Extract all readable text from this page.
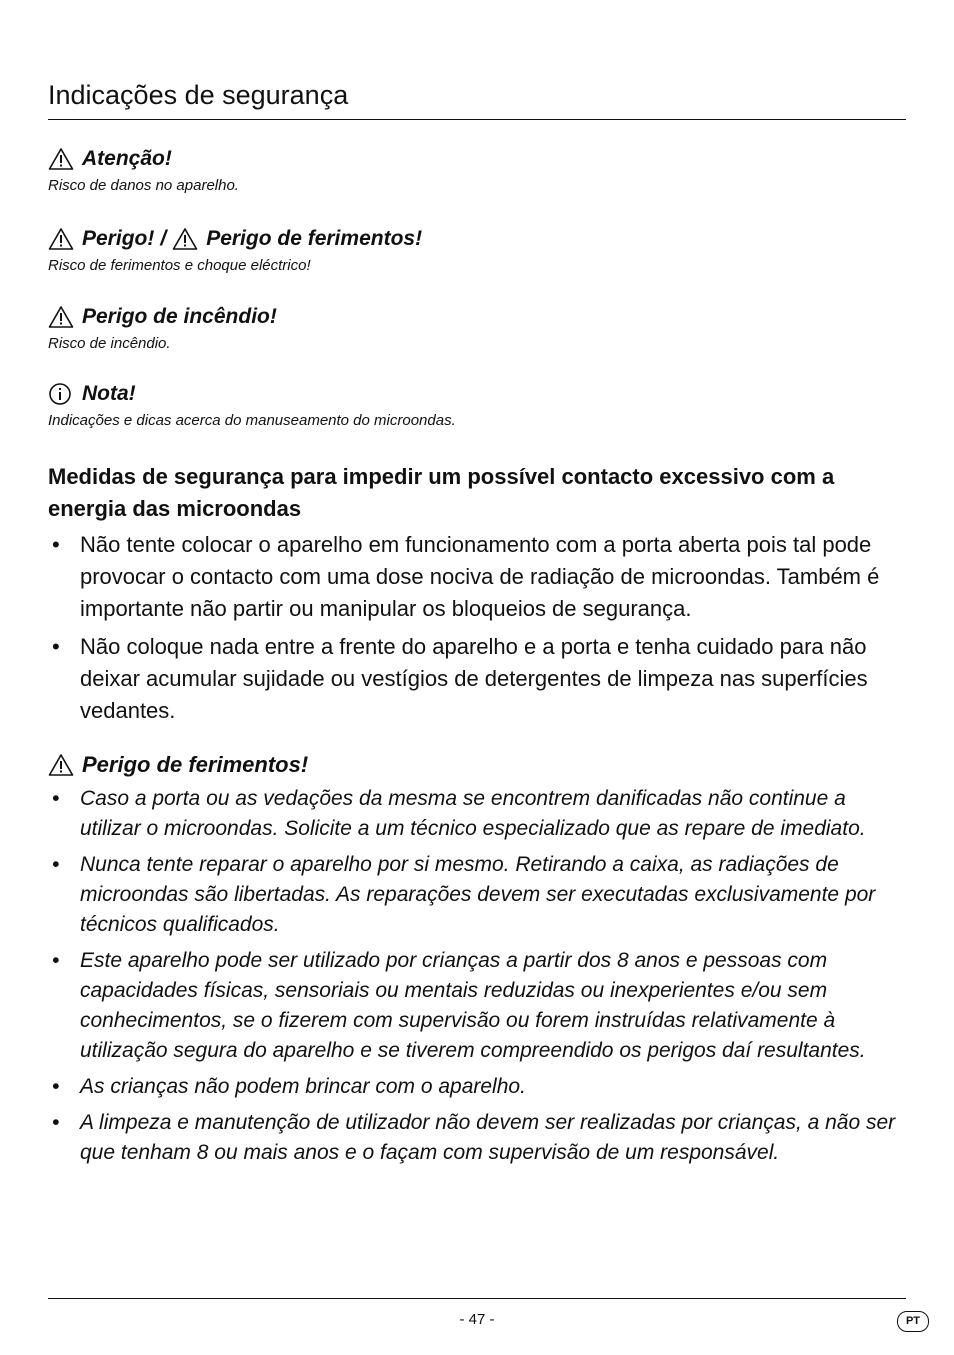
Indicações de segurança
Atenção!
Risco de danos no aparelho.
Perigo! / Perigo de ferimentos!
Risco de ferimentos e choque eléctrico!
Perigo de incêndio!
Risco de incêndio.
Nota!
Indicações e dicas acerca do manuseamento do microondas.
Medidas de segurança para impedir um possível contacto excessivo com a energia das microondas
• Não tente colocar o aparelho em funcionamento com a porta aberta pois tal pode provocar o contacto com uma dose nociva de radiação de microondas. Também é importante não partir ou manipular os bloqueios de segurança.
• Não coloque nada entre a frente do aparelho e a porta e tenha cuidado para não deixar acumular sujidade ou vestígios de detergentes de limpeza nas superfícies vedantes.
Perigo de ferimentos!
• Caso a porta ou as vedações da mesma se encontrem danificadas não continue a utilizar o microondas. Solicite a um técnico especializado que as repare de imediato.
• Nunca tente reparar o aparelho por si mesmo. Retirando a caixa, as radiações de microondas são libertadas. As reparações devem ser executadas exclusivamente por técnicos qualificados.
• Este aparelho pode ser utilizado por crianças a partir dos 8 anos e pessoas com capacidades físicas, sensoriais ou mentais reduzidas ou inexperientes e/ou sem conhecimentos, se o fizerem com supervisão ou forem instruídas relativamente à utilização segura do aparelho e se tiverem compreendido os perigos daí resultantes.
• As crianças não podem brincar com o aparelho.
• A limpeza e manutenção de utilizador não devem ser realizadas por crianças, a não ser que tenham 8 ou mais anos e o façam com supervisão de um responsável.
- 47 -	PT
